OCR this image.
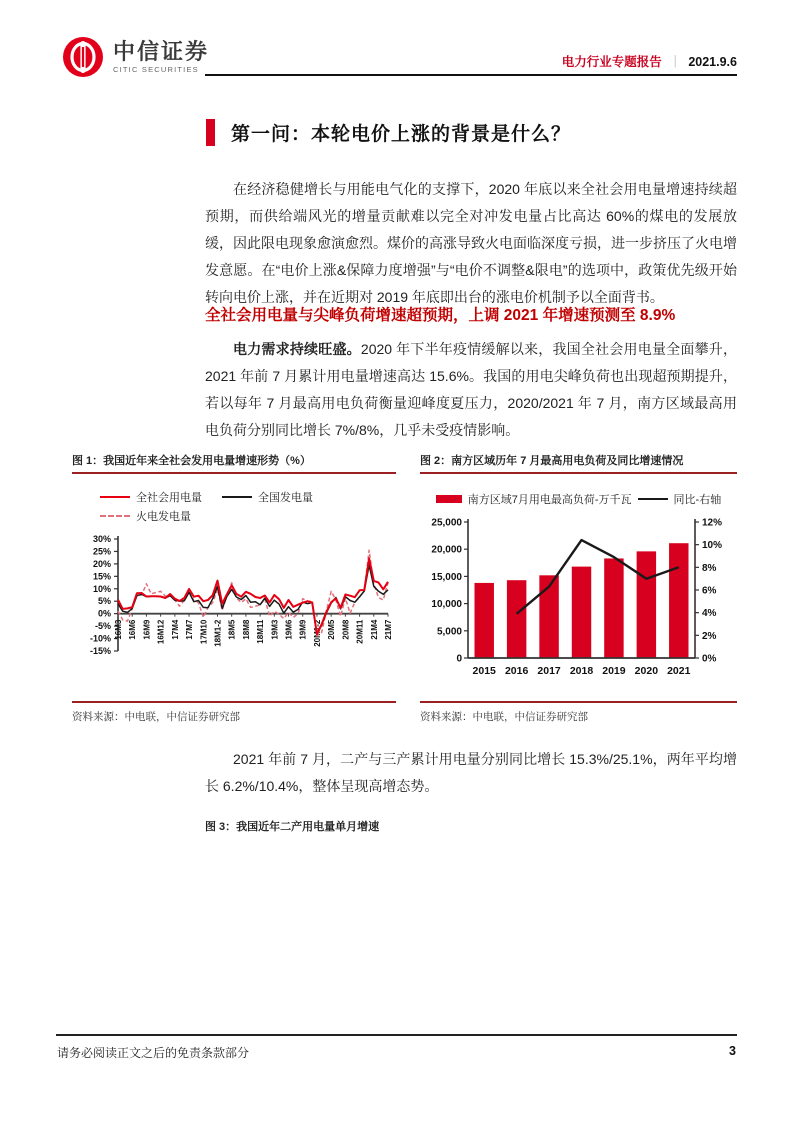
中信证券
CITIC SECURITIES	电力行业专题报告 ｜ 2021.9.6
第一问：本轮电价上涨的背景是什么？

在经济稳健增长与用能电气化的支撑下，2020 年底以来全社会用电量增速持续超预期，而供给端风光的增量贡献难以完全对冲发电量占比高达 60%的煤电的发展放缓，因此限电现象愈演愈烈。煤价的高涨导致火电面临深度亏损，进一步挤压了火电增发意愿。在“电价上涨&保障力度增强”与“电价不调整&限电”的选项中，政策优先级开始转向电价上涨，并在近期对 2019 年底即出台的涨电价机制予以全面背书。

全社会用电量与尖峰负荷增速超预期，上调 2021 年增速预测至 8.9%

电力需求持续旺盛。2020 年下半年疫情缓解以来，我国全社会用电量全面攀升，2021 年前 7 月累计用电量增速高达 15.6%。我国的用电尖峰负荷也出现超预期提升，若以每年 7 月最高用电负荷衡量迎峰度夏压力，2020/2021 年 7 月，南方区域最高用电负荷分别同比增长 7%/8%，几乎未受疫情影响。

图 1：我国近年来全社会发用电量增速形势（%）
全社会用电量	全国发电量
火电发电量
-15%
-10%
-5%
0%
5%
10%
15%
20%
25%
30%
16M3 16M6 16M9 16M12 17M4 17M7 17M10 18M1-2 18M5 18M8 18M11 19M3 19M6 19M9 20M1-2 20M5 20M8 20M11 21M4 21M7
资料来源：中电联，中信证券研究部
图 2：南方区域历年 7 月最高用电负荷及同比增速情况
南方区域7月用电最高负荷-万千瓦	同比-右轴
2015 2016 2017 2018 2019 2020 2021
0
5,000
10,000
15,000
20,000
25,000
0%
2%
4%
6%
8%
10%
12%
资料来源：中电联，中信证券研究部

2021 年前 7 月，二产与三产累计用电量分别同比增长 15.3%/25.1%，两年平均增长 6.2%/10.4%，整体呈现高增态势。

图 3：我国近年二产用电量单月增速
请务必阅读正文之后的免责条款部分	3
